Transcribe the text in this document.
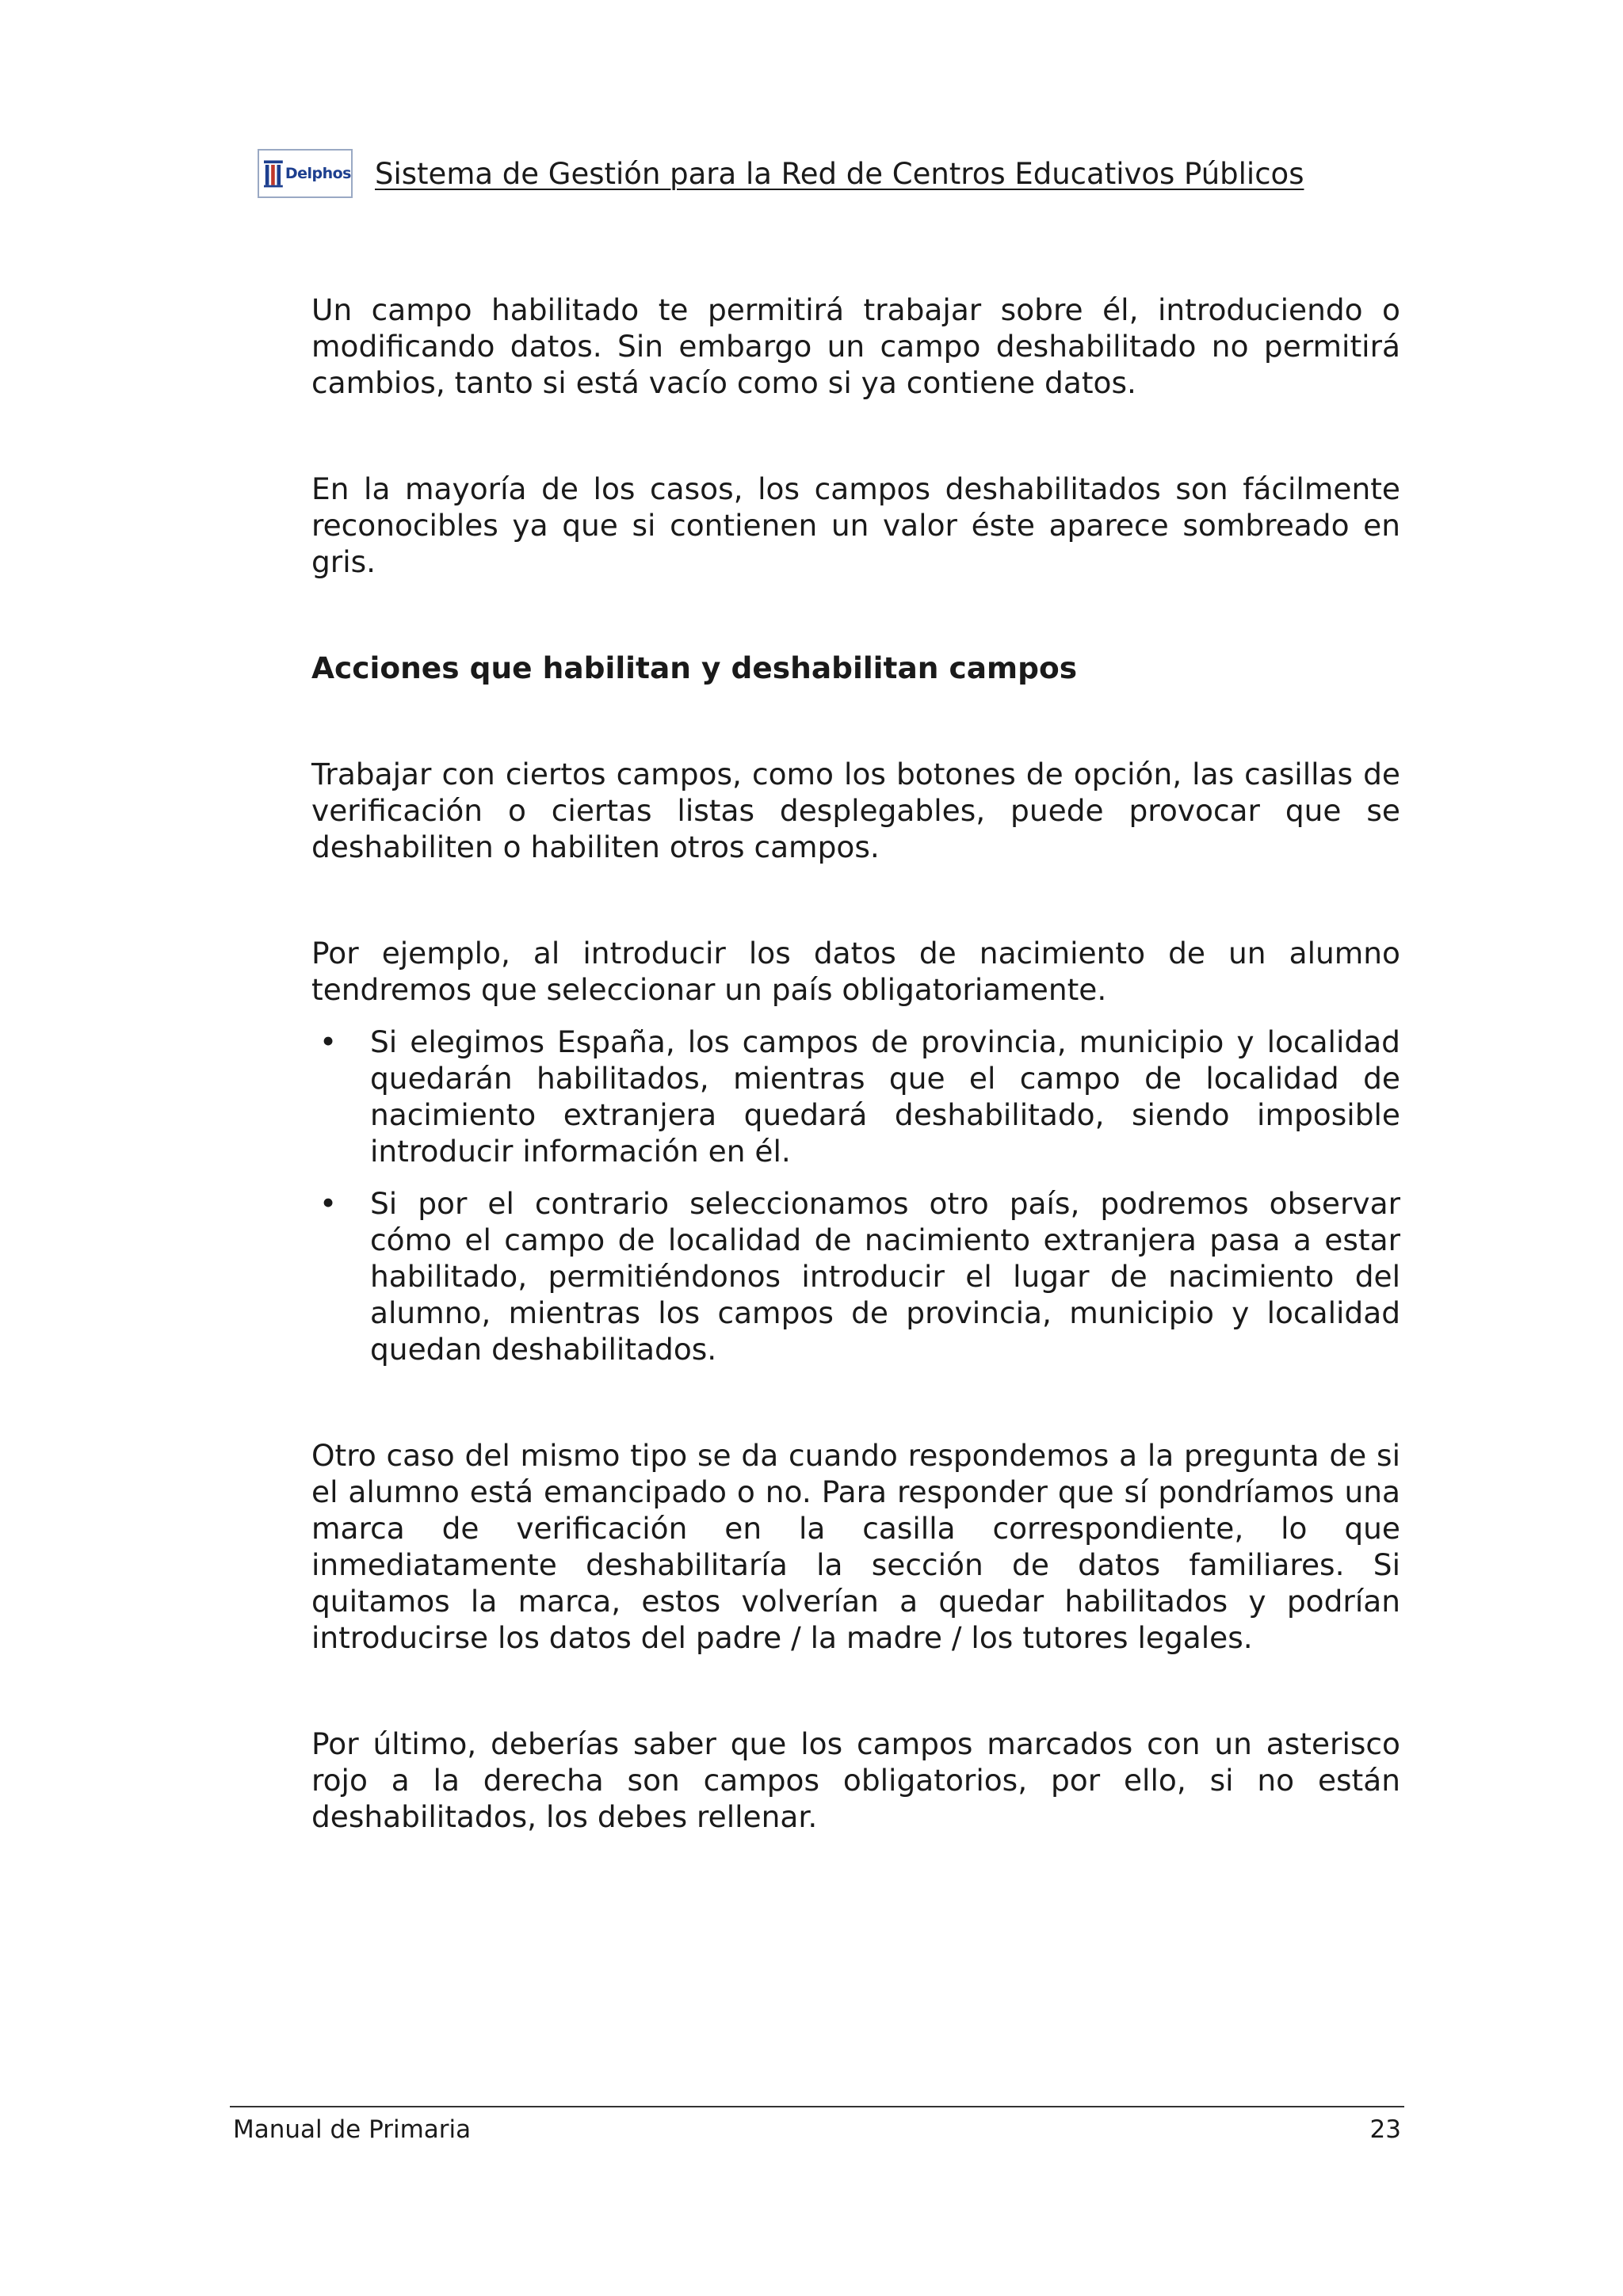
Delphos Sistema de Gestión para la Red de Centros Educativos Públicos

Un campo habilitado te permitirá trabajar sobre él, introduciendo o modificando datos. Sin embargo un campo deshabilitado no permitirá cambios, tanto si está vacío como si ya contiene datos.

En la mayoría de los casos, los campos deshabilitados son fácilmente reconocibles ya que si contienen un valor éste aparece sombreado en gris.

Acciones que habilitan y deshabilitan campos

Trabajar con ciertos campos, como los botones de opción, las casillas de verificación o ciertas listas desplegables, puede provocar que se deshabiliten o habiliten otros campos.

Por ejemplo, al introducir los datos de nacimiento de un alumno tendremos que seleccionar un país obligatoriamente.

• Si elegimos España, los campos de provincia, municipio y localidad quedarán habilitados, mientras que el campo de localidad de nacimiento extranjera quedará deshabilitado, siendo imposible introducir información en él.
• Si por el contrario seleccionamos otro país, podremos observar cómo el campo de localidad de nacimiento extranjera pasa a estar habilitado, permitiéndonos introducir el lugar de nacimiento del alumno, mientras los campos de provincia, municipio y localidad quedan deshabilitados.

Otro caso del mismo tipo se da cuando respondemos a la pregunta de si el alumno está emancipado o no. Para responder que sí pondríamos una marca de verificación en la casilla correspondiente, lo que inmediatamente deshabilitaría la sección de datos familiares. Si quitamos la marca, estos volverían a quedar habilitados y podrían introducirse los datos del padre / la madre / los tutores legales.

Por último, deberías saber que los campos marcados con un asterisco rojo a la derecha son campos obligatorios, por ello, si no están deshabilitados, los debes rellenar.

Manual de Primaria	23
